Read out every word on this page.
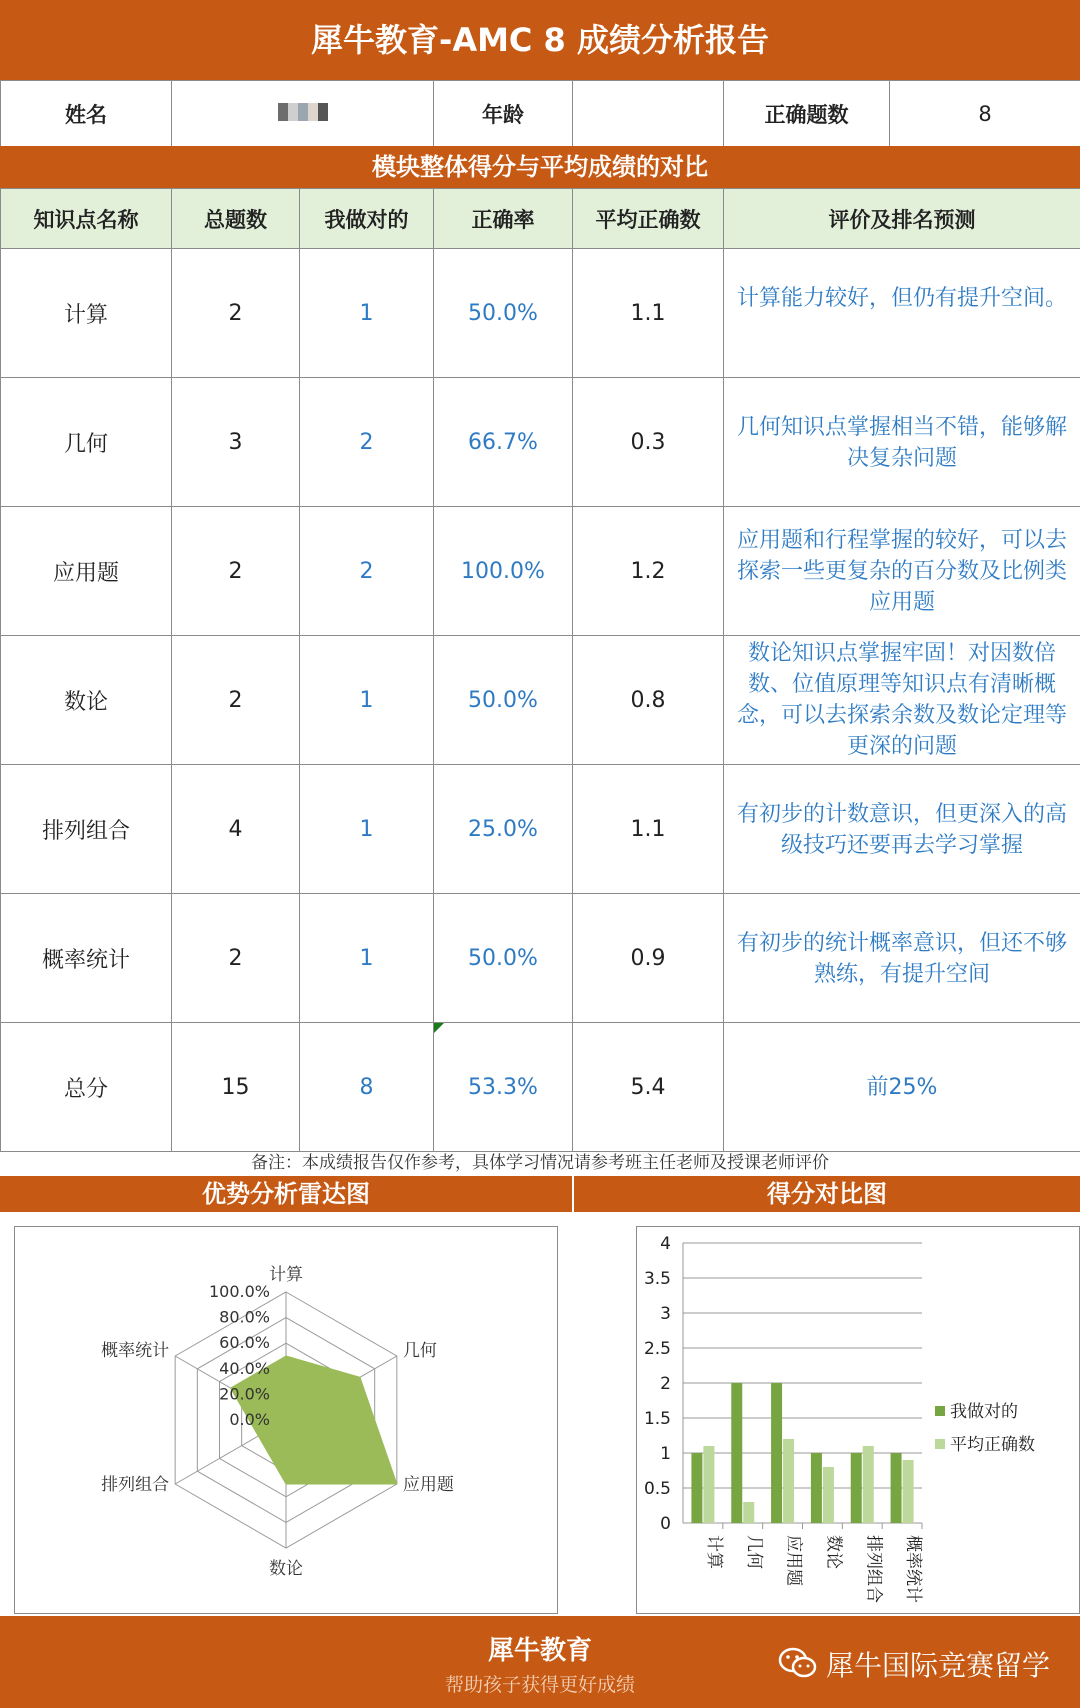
犀牛教育-AMC 8 成绩分析报告
姓名		年龄		正确题数	8
模块整体得分与平均成绩的对比
知识点名称	总题数	我做对的	正确率	平均正确数	评价及排名预测
计算	2	1	50.0%	1.1	计算能力较好，但仍有提升空间。
几何	3	2	66.7%	0.3	几何知识点掌握相当不错，能够解决复杂问题
应用题	2	2	100.0%	1.2	应用题和行程掌握的较好，可以去探索一些更复杂的百分数及比例类应用题
数论	2	1	50.0%	0.8	数论知识点掌握牢固！对因数倍数、位值原理等知识点有清晰概念，可以去探索余数及数论定理等更深的问题
排列组合	4	1	25.0%	1.1	有初步的计数意识，但更深入的高级技巧还要再去学习掌握
概率统计	2	1	50.0%	0.9	有初步的统计概率意识，但还不够熟练，有提升空间
总分	15	8	53.3%	5.4	前25%
备注：本成绩报告仅作参考，具体学习情况请参考班主任老师及授课老师评价
优势分析雷达图	得分对比图
0.0%
20.0%
40.0%
60.0%
80.0%
100.0%
计算
几何
应用题
数论
排列组合
概率统计
0
0.5
1
1.5
2
2.5
3
3.5
4
计算 几何 应用题 数论 排列组合 概率统计
我做对的
平均正确数
犀牛教育
帮助孩子获得更好成绩
犀牛国际竞赛留学
